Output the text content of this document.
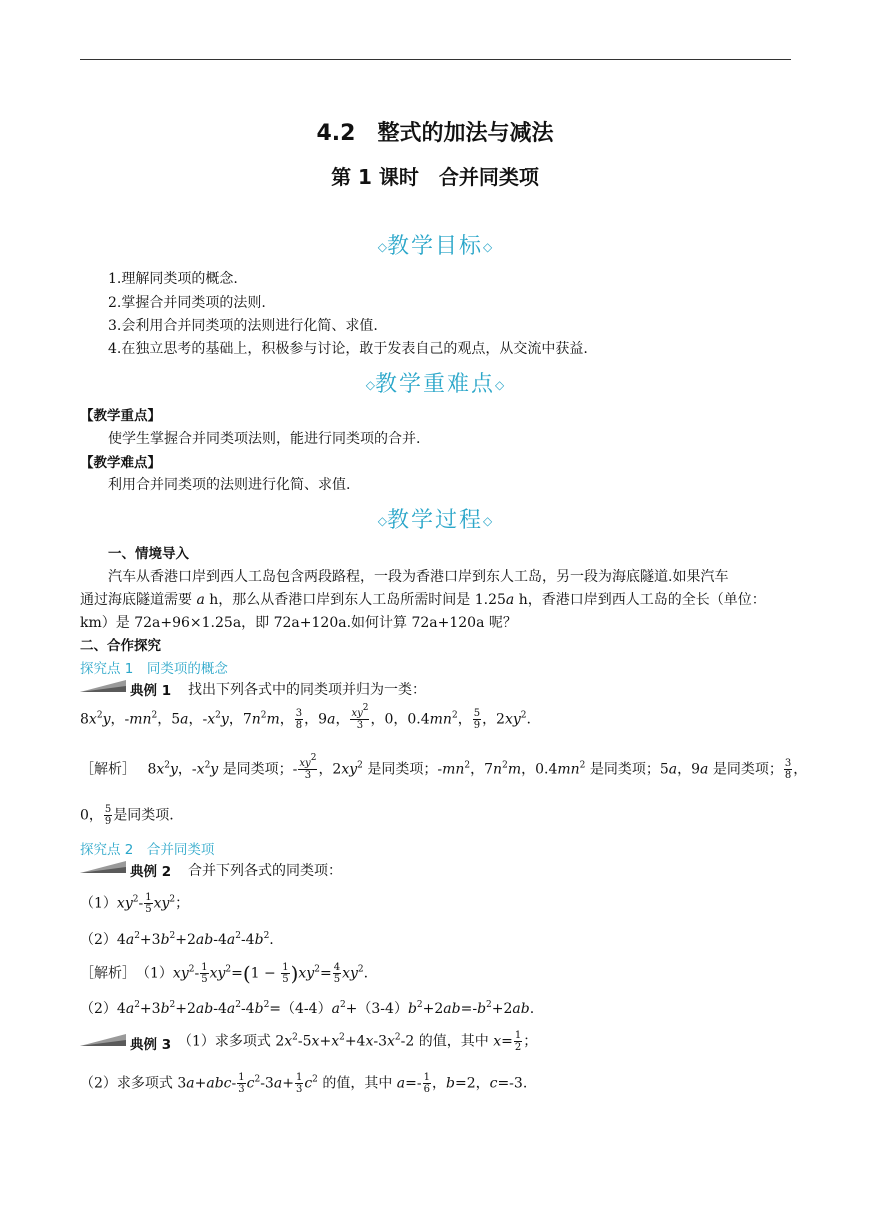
4.2　整式的加法与减法
第 1 课时　合并同类项
◇教学目标◇
1.理解同类项的概念.
2.掌握合并同类项的法则.
3.会利用合并同类项的法则进行化简、求值.
4.在独立思考的基础上，积极参与讨论，敢于发表自己的观点，从交流中获益.
◇教学重难点◇
【教学重点】
使学生掌握合并同类项法则，能进行同类项的合并.
【教学难点】
利用合并同类项的法则进行化简、求值.
◇教学过程◇
一、情境导入
汽车从香港口岸到西人工岛包含两段路程，一段为香港口岸到东人工岛，另一段为海底隧道.如果汽车
通过海底隧道需要 a h，那么从香港口岸到东人工岛所需时间是 1.25a h，香港口岸到西人工岛的全长（单位：
km）是 72a+96×1.25a，即 72a+120a.如何计算 72a+120a 呢？
二、合作探究
探究点 1　同类项的概念
典例 1 找出下列各式中的同类项并归为一类：
$8x^2y$，$-mn^2$，5a，$-x^2y$，$7n^2m$， $\frac{3}{8}$ ，9a， $\frac{xy^2}{3}$ ，0，$0.4mn^2$， $\frac{5}{9}$ ，$2xy^2$.
［解析］　 $8x^2y$，$-x^2y$ 是同类项；- $\frac{xy^2}{3}$ ，$2xy^2$ 是同类项；$-mn^2$，$7n^2m$，$0.4mn^2$ 是同类项；5a，9a 是同类项； $\frac{3}{8}$ ，
0， $\frac{5}{9}$ 是同类项.
探究点 2　合并同类项
典例 2 合并下列各式的同类项：
$(1)xy^2- \frac{1}{5} xy^2$；
$(2)4a^2+3b^2+2ab-4a^2-4b^2$.
［解析］　$(1)xy^2- \frac{1}{5} xy^2=(1 - \frac{1}{5} )xy^2= \frac{4}{5} xy^2$.
$(2)4a^2+3b^2+2ab-4a^2-4b^2=(4-4)a^2+(3-4)b^2+2ab=-b^2+2ab$.
典例 3 （1）求多项式 $2x^2-5x+x^2+4x-3x^2-2$ 的值，其中 $x= \frac{1}{2}$ ；
（2）求多项式 $3a+abc- \frac{1}{3} c^2-3a+ \frac{1}{3} c^2$ 的值，其中 $a=- \frac{1}{6}$ ，b=2，c=-3.
